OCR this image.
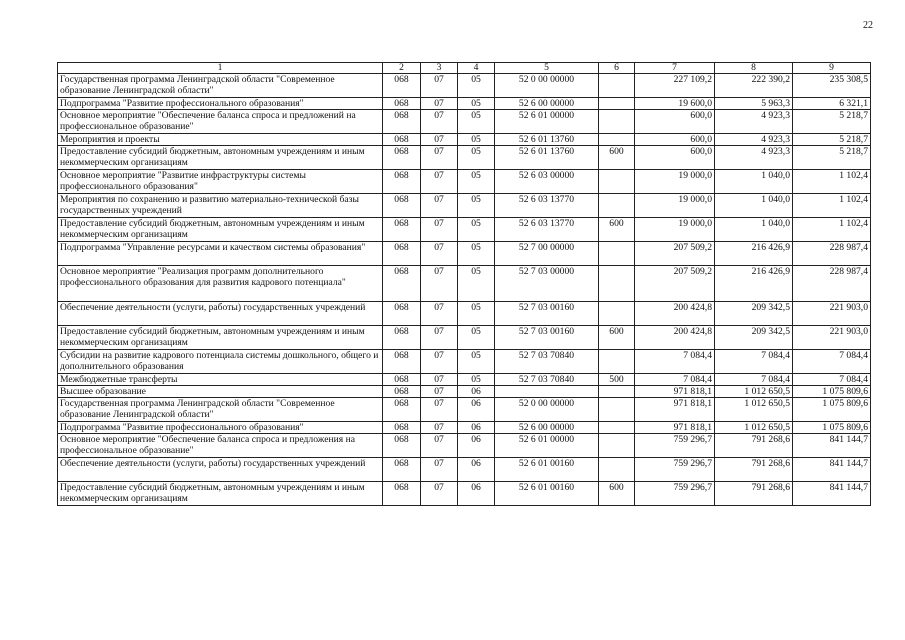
22
1	2	3	4	5	6	7	8	9
Государственная программа Ленинградской области "Современное образование Ленинградской области"	068	07	05	52 0 00 00000		227 109,2	222 390,2	235 308,5
Подпрограмма "Развитие профессионального образования"	068	07	05	52 6 00 00000		19 600,0	5 963,3	6 321,1
Основное мероприятие "Обеспечение баланса спроса и предложений на профессиональное образование"	068	07	05	52 6 01 00000		600,0	4 923,3	5 218,7
Мероприятия и проекты	068	07	05	52 6 01 13760		600,0	4 923,3	5 218,7
Предоставление субсидий бюджетным, автономным учреждениям и иным некоммерческим организациям	068	07	05	52 6 01 13760	600	600,0	4 923,3	5 218,7
Основное мероприятие "Развитие инфраструктуры системы профессионального образования"	068	07	05	52 6 03 00000		19 000,0	1 040,0	1 102,4
Мероприятия по сохранению и развитию материально-технической базы государственных учреждений	068	07	05	52 6 03 13770		19 000,0	1 040,0	1 102,4
Предоставление субсидий бюджетным, автономным учреждениям и иным некоммерческим организациям	068	07	05	52 6 03 13770	600	19 000,0	1 040,0	1 102,4
Подпрограмма "Управление ресурсами и качеством системы образования"	068	07	05	52 7 00 00000		207 509,2	216 426,9	228 987,4
Основное мероприятие "Реализация программ дополнительного профессионального образования для развития кадрового потенциала"	068	07	05	52 7 03 00000		207 509,2	216 426,9	228 987,4
Обеспечение деятельности (услуги, работы) государственных учреждений	068	07	05	52 7 03 00160		200 424,8	209 342,5	221 903,0
Предоставление субсидий бюджетным, автономным учреждениям и иным некоммерческим организациям	068	07	05	52 7 03 00160	600	200 424,8	209 342,5	221 903,0
Субсидии на развитие кадрового потенциала системы дошкольного, общего и дополнительного образования	068	07	05	52 7 03 70840		7 084,4	7 084,4	7 084,4
Межбюджетные трансферты	068	07	05	52 7 03 70840	500	7 084,4	7 084,4	7 084,4
Высшее образование	068	07	06			971 818,1	1 012 650,5	1 075 809,6
Государственная программа Ленинградской области "Современное образование Ленинградской области"	068	07	06	52 0 00 00000		971 818,1	1 012 650,5	1 075 809,6
Подпрограмма "Развитие профессионального образования"	068	07	06	52 6 00 00000		971 818,1	1 012 650,5	1 075 809,6
Основное мероприятие "Обеспечение баланса спроса и предложения на профессиональное образование"	068	07	06	52 6 01 00000		759 296,7	791 268,6	841 144,7
Обеспечение деятельности (услуги, работы) государственных учреждений	068	07	06	52 6 01 00160		759 296,7	791 268,6	841 144,7
Предоставление субсидий бюджетным, автономным учреждениям и иным некоммерческим организациям	068	07	06	52 6 01 00160	600	759 296,7	791 268,6	841 144,7
